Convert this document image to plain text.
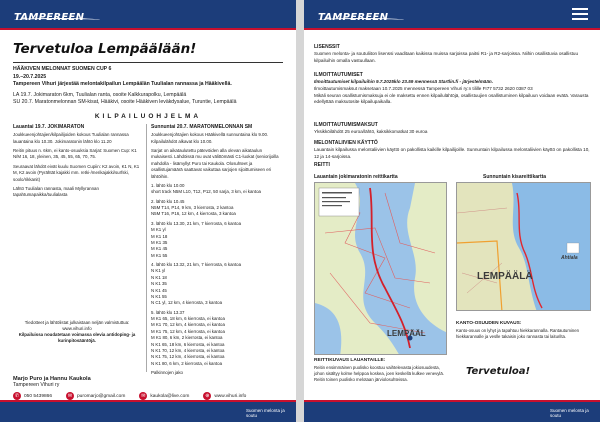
TAMPEREEN VIHURI
Tervetuloa Lempäälään!
HÄÄKIVEN MELONNAT SUOMEN CUP 6
19.–20.7.2025
Tampereen Vihuri järjestää melontakilpailun Lempäälän Tuulialan rannassa ja Hääkivellä.
LA 19.7. Jokimaraton 6km, Tuulialan ranta, osoite Kalkkurapolku, Lempäälä
SU 20.7. Maratonmelonnan SM-kisat, Hääkivi, osoite Hääkiven leväkdysalue, Turuntie, Lempäälä
KILPAILUOHJELMA
Lauantai 19.7. JOKIMARATON

Joukkueenjohtajien/kilpailijoiden kokous Tuulialan rannassa lauantaina klo 10.30. Jokimaratonin lähtö klo 11.20

Reitin pituus n. 6km, ei kanto-osuuksia Sarjat: Suomen Cup: K1 N/M 16, 18, yleinen, 35, 45, 55, 65, 70, 75.

Seuraavat lähdöt eivät kuulu Suomen Cupiin: K2 avoin, K1 N, K1 M, K2 avoin (Pyrähtät kajakki mm. retki-/merikajakki/surfski, soolo/rikkanit)

Lähtö Tuulialan rannasta, maali Myllyrannan tapahtumapaikka/tuulialasta

Sunnuntai 20.7. MARATONMELONNAN SM

Joukkueenjohtajien kokous Hääkivellä sunnuntaina klo 9.00. Kilpailulähdöt alkavat klo 10.00.

Sarjat on aikataulutettu pätevöiden alla olevan aikataulun mukaisesti. Lähdöissä mu ovat välittömästi C1-luokat (seniorijoilla mahdolla - lisämyllyt Puro tai Kaukola. Olosuhteet ja osallistujamäärä saattavat vaikuttaa sarjojen sijoittumiseen eri lähtöihin.

1. lähtö klo 10.00
short track N5M L10, T12, P12, 50 sarja, 3 km, ei kantoa

2. lähtö klo 10.45
N5M T14, P14, 9 km, 3 kierrosta, 2 kantoa
N5M T16, P16, 12 km, 4 kierrosta, 3 kantoa

3. lähtö klo 13.30, 21 km, 7 kierrosta, 6 kantoa
M K1 yl
M K1 18
M K1 35
M K1 45
M K1 55

4. lähtö klo 13.32, 21 km, 7 kierrosta, 6 kantoa
N K1 yl
N K1 18
N K1 35
N K1 45
N K1 55
N C1 yl, 12 km, 4 kierrosta, 3 kantoa

5. lähtö klo 13.37
M K1 65, 18 km, 6 kierrosta, ei kantoa
M K1 70, 12 km, 4 kierrosta, ei kantoa
M K1 75, 12 km, 4 kierrosta, ei kantoa
M K1 80, 6 km, 2 kierrosta, ei kantoa
N K1 65, 18 km, 6 kierrosta, ei kantoa
N K1 70, 12 km, 4 kierrosta, ei kantoa
N K1 75, 12 km, 4 kierrosta, ei kantoa
N K1 80, 6 km, 2 kierrosta, ei kantoa

Palkinnojen jako

Tiedotteet ja lähtölistat julkaistaan neljän valmistuttua: www.vihuri.info
Kilpailuissa noudatetaan voimassa olevia antidoping- ja kurinpitosääntöjä.
Marjo Puro ja Hannu Kaukola
Tampereen Vihuri ry
✆	050 5439866	✉	puromarjo@gmail.com	✉	kaukola@live.com	⊕	www.vihuri.info
Suomen melonta ja soutu
TAMPEREEN VIHURI
LISENSSIT
Suomen melonta- ja soutuliiton lisenssi vaaditaan kaikissa muissa sarjoissa paitsi R1- ja R2-sarjoissa. Niihin osallistuvia osallistuu kilpailuihin omalla vastuullaan.
ILMOITTAUTUMISET
Ilmoittautumiset kilpailuihin 9.7.2025klo 23.59 mennessä Startlin.fi - järjestelmään.
Ilmoittautumismaksut maksetaan 10.7.2025 mennessä Tampereen Vihuri ry:n tilille FI77 5732 2620 0387 03
Mikäli seuran osallistumismaksuja ei ole maksettu ennen kilpailulähtöjä, osallistuujien osallistuminen kilpailuun voidaan evätä. Varausta edellyttää maksutosite kilpailupaikalla.
ILMOITTAUTUMISMAKSUT
Yksikköilähdöt 25 euroa/lähtö, kaksikkomatkat 30 euroa
MELONTALIIVIEN KÄYTTÖ
Lauantain kilpailussa melontaliivien käyttö on pakollista kaikille kilpailijoille. Sunnuntain kilpailussa melontaliivien käyttö on pakollista 10, 12 ja 14-sarjoissa.
REITTI
Lauantain jokimaratonin reittikartta	Sunnuntain kisareittikartta
LEMPÄÄL
LEMPÄÄLÄ
Ahtiala
REITTIKUVAUS LAUANTAILLE:
Reitin ensimmäinen puolisko koostuu vaihtelevasta jokiosuudesta, johon sisältyy kolme helppoa koskea, joen keskellä kulkee venevylä. Reitin toinen puolisko melotaan järviolosuhteissa.
KANTO-OSUUDEN KUVAUS:
Kanto-osuus on lyhyt ja tapahtuu hiekkarannalla. Rantautuminen hiekkarannalle ja veslle takaisin joko rannasta tai laiturilta.
Tervetuloa!
Suomen melonta ja soutu
